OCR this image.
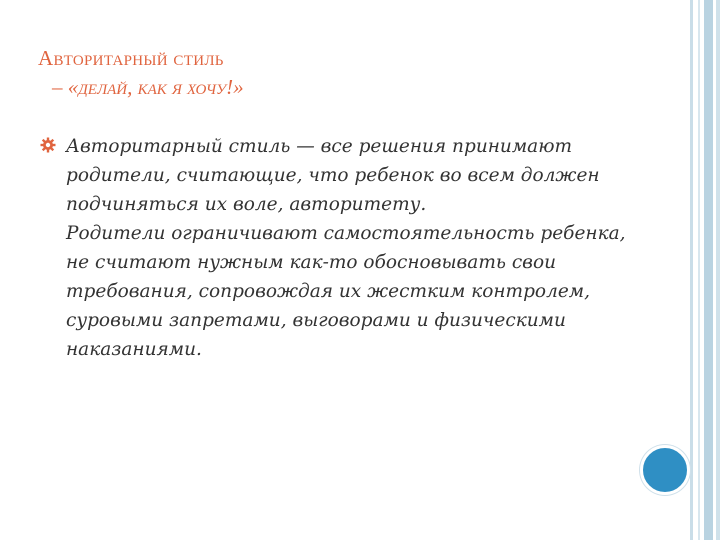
Авторитарный стиль
– «делай, как я хочу!»

Авторитарный стиль — все решения принимают родители, считающие, что ребенок во всем должен подчиняться их воле, авторитету.

Родители ограничивают самостоятельность ребенка, не считают нужным как-то обосновывать свои требования, сопровождая их жестким контролем, суровыми запретами, выговорами и физическими наказаниями.
